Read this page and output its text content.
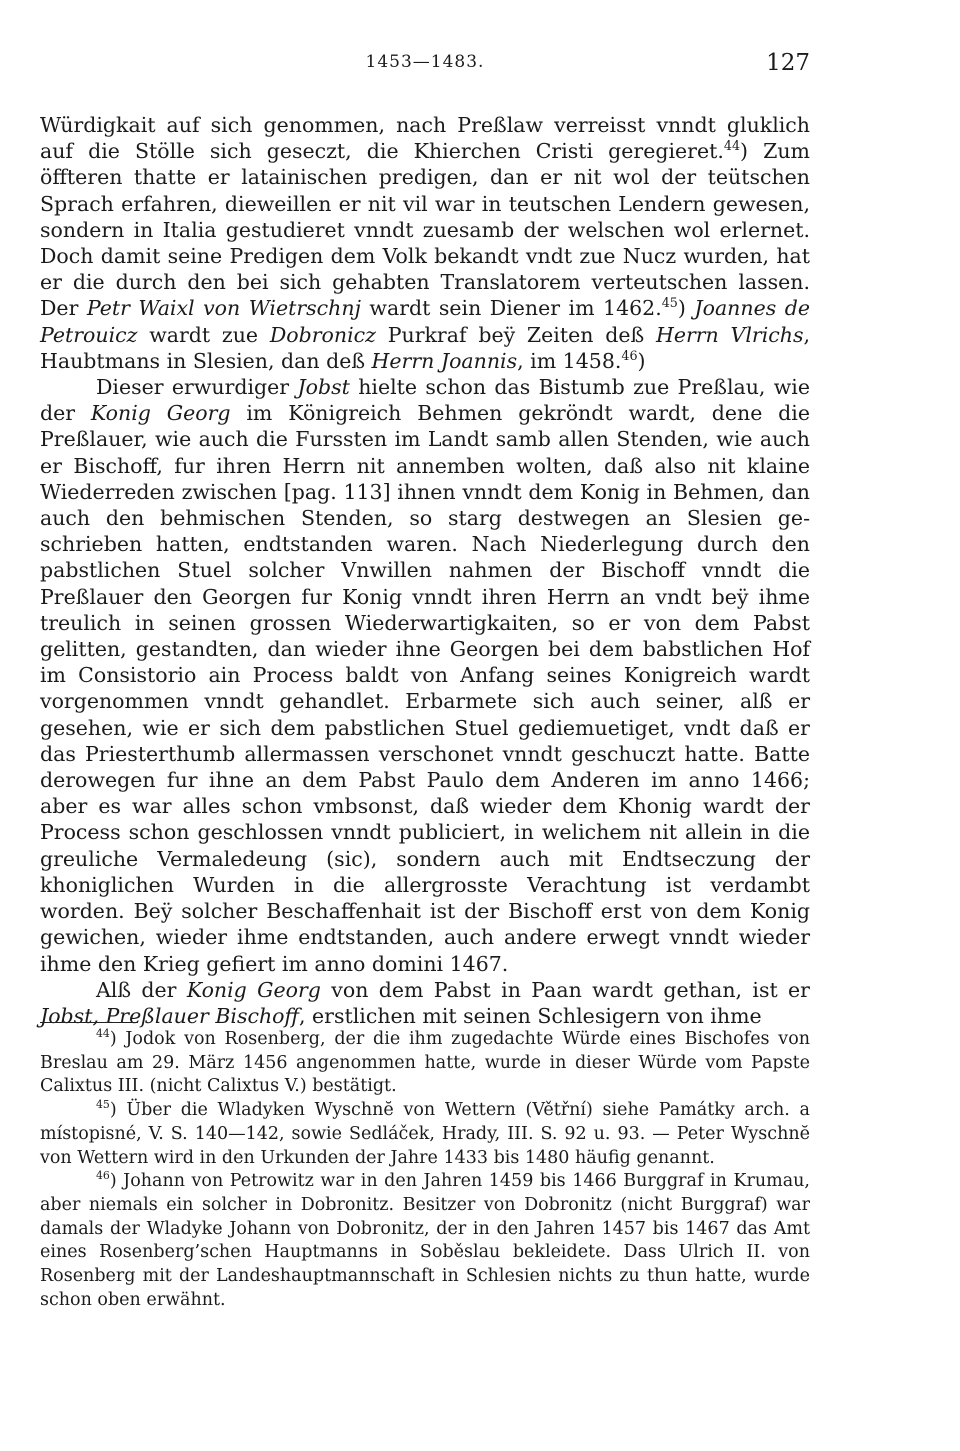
1453—1483.	127

Würdigkait auf sich genommen, nach Preßlaw verreisst vnndt gluklich auf die Stölle sich geseczt, die Khierchen Cristi geregieret.$^{44}$) Zum öffteren thatte er latainischen predigen, dan er nit wol der teütschen Sprach erfahren, dieweillen er nit vil war in teutschen Lendern gewesen, sondern in Italia gestudieret vnndt zuesamb der welschen wol erlernet. Doch damit seine Predigen dem Volk bekandt vndt zue Nucz wurden, hat er die durch den bei sich gehabten Translatorem verteutschen lassen. Der Petr Waixl von Wietrschnj wardt sein Diener im 1462.45) Joannes de Petrouicz wardt zue Dobronicz Purkraf beÿ Zeiten deß Herrn Vlrichs, Haubtmans in Slesien, dan deß Herrn Joannis, im 1458.46)

Dieser erwurdiger Jobst hielte schon das Bistumb zue Preßlau, wie der Konig Georg im Königreich Behmen gekröndt wardt, dene die Preßlauer, wie auch die Furssten im Landt samb allen Stenden, wie auch er Bischoff, fur ihren Herrn nit annemben wolten, daß also nit klaine Wiederreden zwischen [pag. 113] ihnen vnndt dem Konig in Behmen, dan auch den behmischen Stenden, so starg destwegen an Slesien geschrieben hatten, endtstanden waren. Nach Niederlegung durch den pabstlichen Stuel solcher Vnwillen nahmen der Bischoff vnndt die Preßlauer den Georgen fur Konig vnndt ihren Herrn an vndt beÿ ihme treulich in seinen grossen Wiederwartigkaiten, so er von dem Pabst gelitten, gestandten, dan wieder ihne Georgen bei dem babstlichen Hof im Consistorio ain Process baldt von Anfang seines Konigreich wardt vorgenommen vnndt gehandlet. Erbarmete sich auch seiner, alß er gesehen, wie er sich dem pabstlichen Stuel gediemuetiget, vndt daß er das Priesterthumb allermassen verschonet vnndt geschuczt hatte. Batte derowegen fur ihne an dem Pabst Paulo dem Anderen im anno 1466; aber es war alles schon vmbsonst, daß wieder dem Khonig wardt der Process schon geschlossen vnndt publiciert, in welichem nit allein in die greuliche Vermaledeung (sic), sondern auch mit Endtseczung der khoniglichen Wurden in die allergrosste Verachtung ist verdambt worden. Beÿ solcher Beschaffenhait ist der Bischoff erst von dem Konig gewichen, wieder ihme endtstanden, auch andere erwegt vnndt wieder ihme den Krieg gefiert im anno domini 1467.

Alß der Konig Georg von dem Pabst in Paan wardt gethan, ist er Jobst, Preßlauer Bischoff, erstlichen mit seinen Schlesigern von ihme

$^{44}$) Jodok von Rosenberg, der die ihm zugedachte Würde eines Bischofes von Breslau am 29. März 1456 angenommen hatte, wurde in dieser Würde vom Papste Calixtus III. (nicht Calixtus V.) bestätigt.

$^{45}$) Über die Wladyken Wyschnĕ von Wettern (Větřní) siehe Památky arch. a místopisné, V. S. 140—142, sowie Sedláček, Hrady, III. S. 92 u. 93. — Peter Wyschnĕ von Wettern wird in den Urkunden der Jahre 1433 bis 1480 häufig genannt.

$^{46}$) Johann von Petrowitz war in den Jahren 1459 bis 1466 Burggraf in Krumau, aber niemals ein solcher in Dobronitz. Besitzer von Dobronitz (nicht Burggraf) war damals der Wladyke Johann von Dobronitz, der in den Jahren 1457 bis 1467 das Amt eines Rosenberg’schen Hauptmanns in Soběslau bekleidete. Dass Ulrich II. von Rosenberg mit der Landeshauptmannschaft in Schlesien nichts zu thun hatte, wurde schon oben erwähnt.
